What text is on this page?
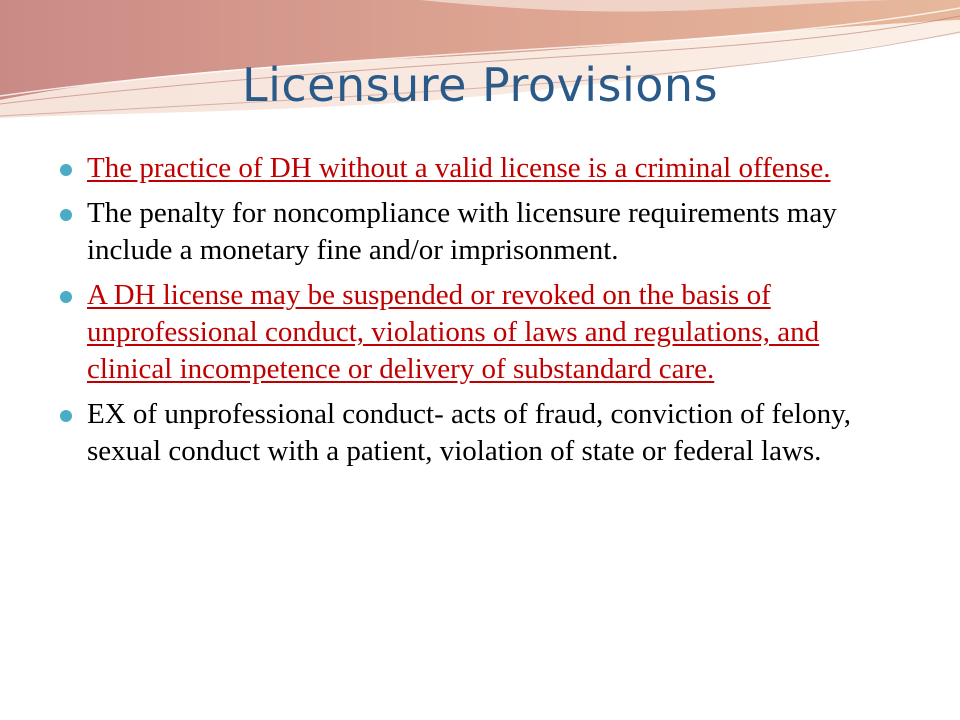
Licensure Provisions
The practice of DH without a valid license is a criminal offense.
The penalty for noncompliance with licensure requirements may include a monetary fine and/or imprisonment.
A DH license may be suspended or revoked on the basis of unprofessional conduct, violations of laws and regulations, and clinical incompetence or delivery of substandard care.
EX of unprofessional conduct- acts of fraud, conviction of felony, sexual conduct with a patient, violation of state or federal laws.
